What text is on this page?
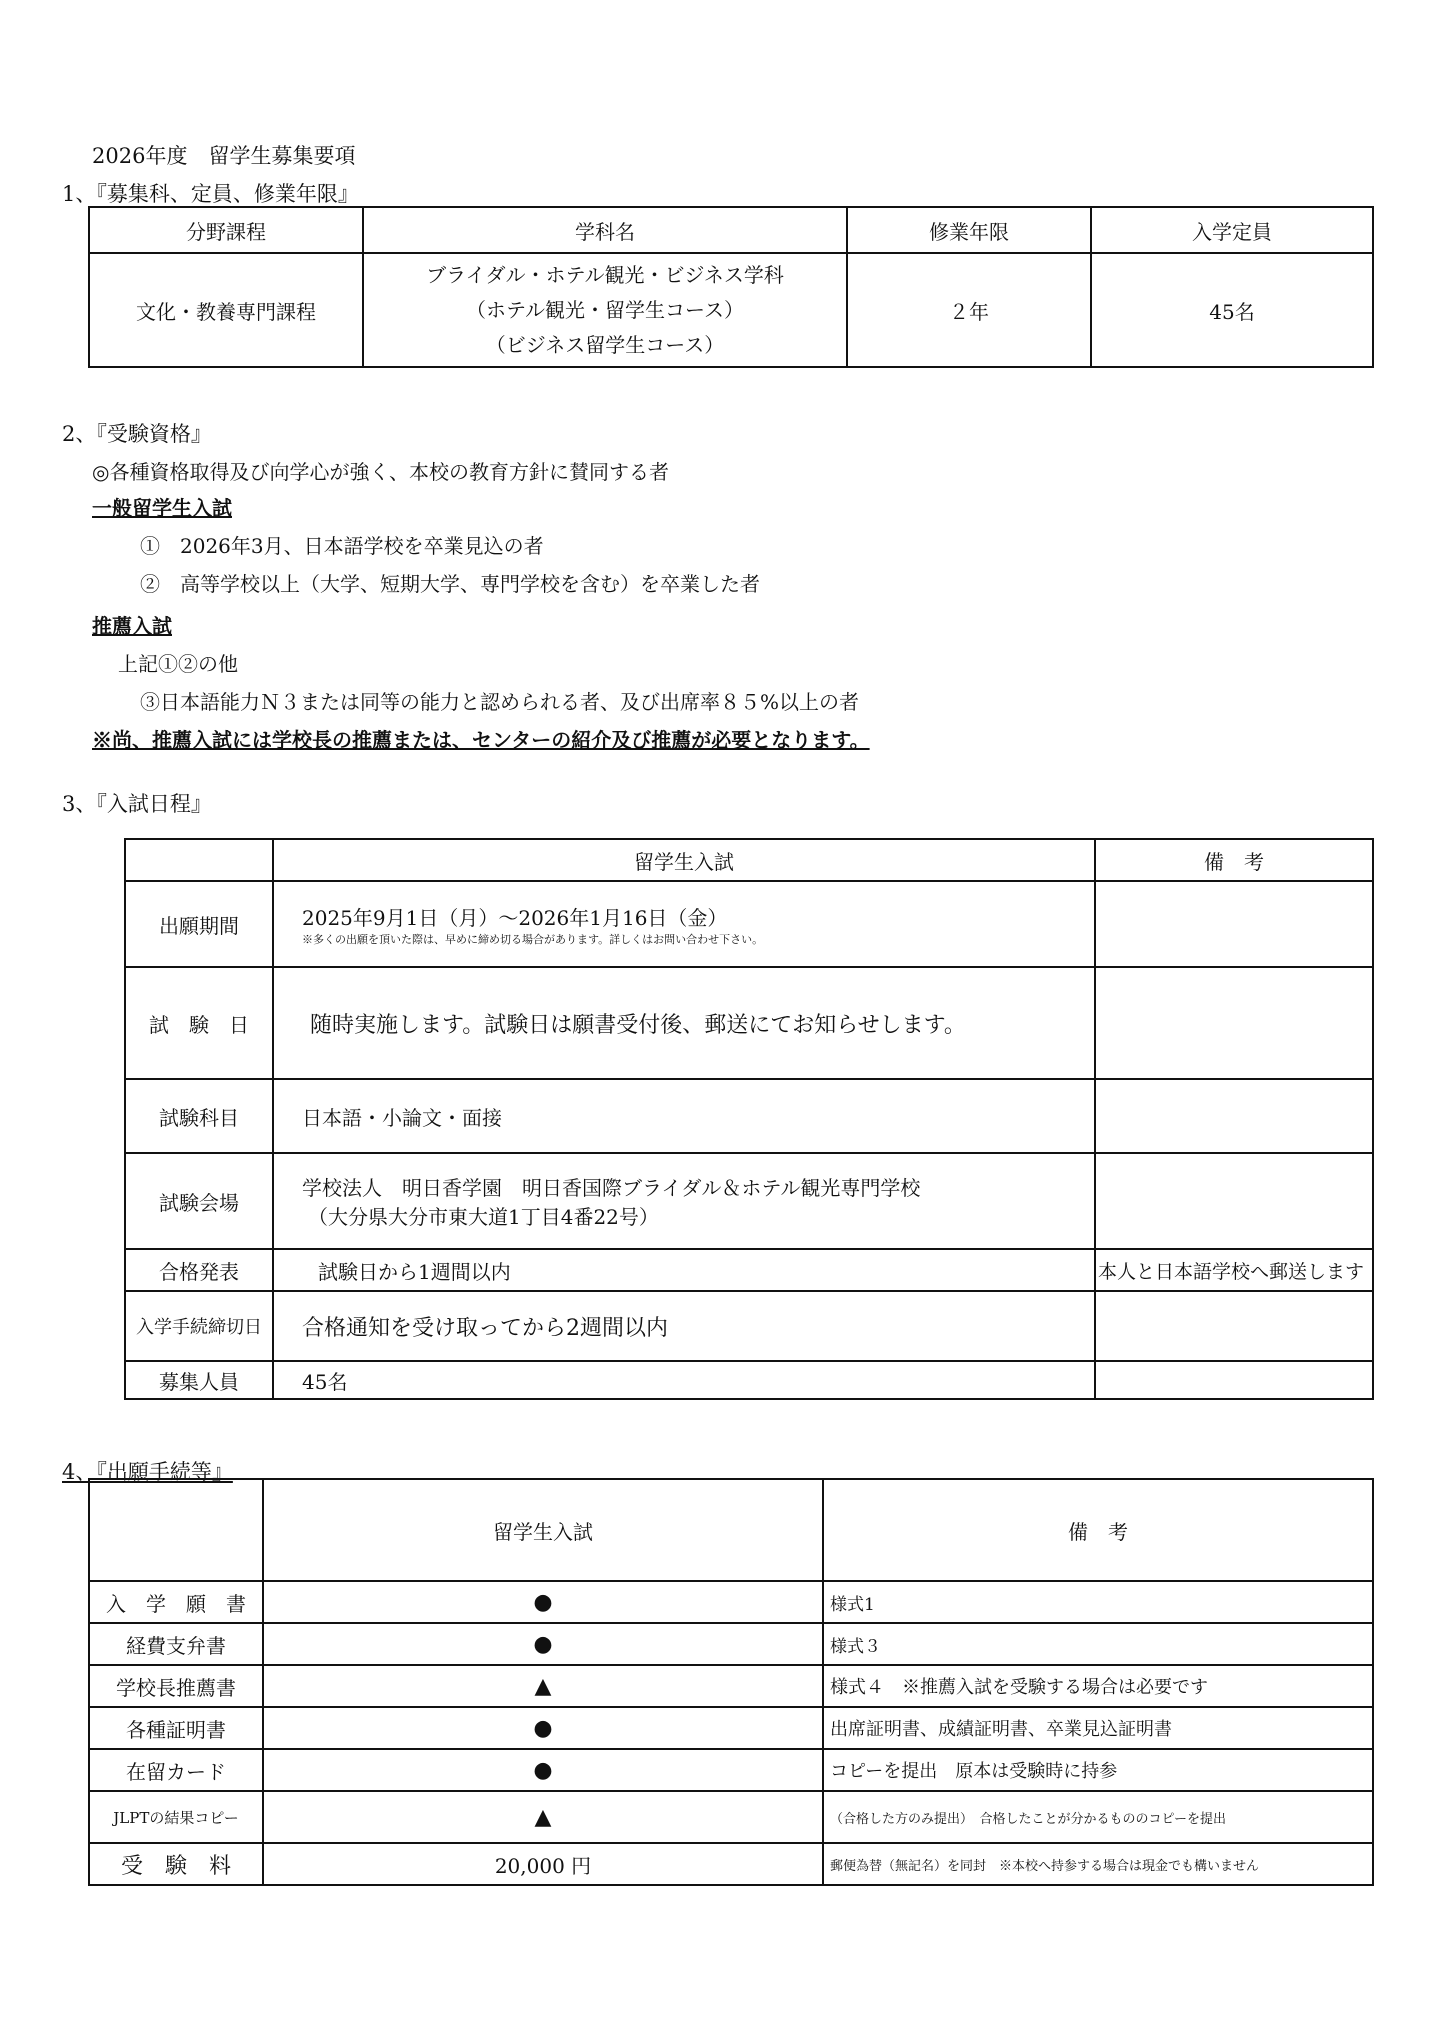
2026年度　留学生募集要項
1、『募集科、定員、修業年限』
分野課程	学科名	修業年限	入学定員
文化・教養専門課程	ブライダル・ホテル観光・ビジネス学科
（ホテル観光・留学生コース）
（ビジネス留学生コース）	２年	45名
2、『受験資格』
◎各種資格取得及び向学心が強く、本校の教育方針に賛同する者
一般留学生入試
①　2026年3月、日本語学校を卒業見込の者
②　高等学校以上（大学、短期大学、専門学校を含む）を卒業した者
推薦入試
上記①②の他
③日本語能力Ｎ３または同等の能力と認められる者、及び出席率８５%以上の者
※尚、推薦入試には学校長の推薦または、センターの紹介及び推薦が必要となります。
3、『入試日程』
	留学生入試	備　考
出願期間	2025年9月1日（月）～2026年1月16日（金）
※多くの出願を頂いた際は、早めに締め切る場合があります。詳しくはお問い合わせ下さい。	

試　験　日	随時実施します。試験日は願書受付後、郵送にてお知らせします。	
試験科目	日本語・小論文・面接	
試験会場	学校法人　明日香学園　明日香国際ブライダル＆ホテル観光専門学校
（大分県大分市東大道1丁目4番22号）	

合格発表	試験日から1週間以内	本人と日本語学校へ郵送します
入学手続締切日	合格通知を受け取ってから2週間以内	
募集人員	45名	
4、『出願手続等』
	留学生入試	備　考
入　学　願　書	●	様式1
経費支弁書	●	様式３
学校長推薦書	▲	様式４　※推薦入試を受験する場合は必要です
各種証明書	●	出席証明書、成績証明書、卒業見込証明書
在留カード	●	コピーを提出　原本は受験時に持参
JLPTの結果コピー	▲	（合格した方のみ提出）　合格したことが分かるもののコピーを提出
受　験　料	20,000 円	郵便為替（無記名）を同封　※本校へ持参する場合は現金でも構いません
